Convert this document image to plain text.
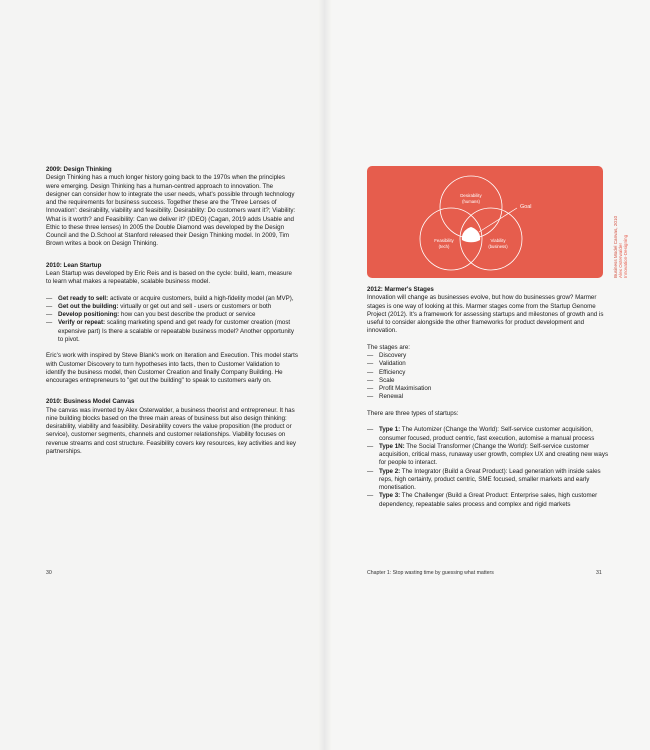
2009: Design Thinking
Design Thinking has a much longer history going back to the 1970s when the principles were emerging. Design Thinking has a human-centred approach to innovation. The designer can consider how to integrate the user needs, what's possible through technology and the requirements for business success. Together these are the 'Three Lenses of Innovation': desirability, viability and feasibility. Desirability: Do customers want it?; Viability: What is it worth? and Feasibility: Can we deliver it? (IDEO) (Cagan, 2019 adds Usable and Ethic to these three lenses) In 2005 the Double Diamond was developed by the Design Council and the D.School at Stanford released their Design Thinking model. In 2009, Tim Brown writes a book on Design Thinking.
2010: Lean Startup
Lean Startup was developed by Eric Reis and is based on the cycle: build, learn, measure to learn what makes a repeatable, scalable business model.
— Get ready to sell: activate or acquire customers, build a high-fidelity model (an MVP),
— Get out the building: virtually or get out and sell - users or customers or both
— Develop positioning: how can you best describe the product or service
— Verify or repeat: scaling marketing spend and get ready for customer creation (most expensive part) Is there a scalable or repeatable business model? Another opportunity to pivot.
Eric's work with inspired by Steve Blank's work on Iteration and Execution. This model starts with Customer Discovery to turn hypotheses into facts, then to Customer Validation to identify the business model, then Customer Creation and finally Company Building. He encourages entrepreneurs to "get out the building" to speak to customers early on.
2010: Business Model Canvas
The canvas was invented by Alex Osterwalder, a business theorist and entrepreneur. It has nine building blocks based on the three main areas of business but also design thinking: desirability, viability and feasibility. Desirability covers the value proposition (the product or service), customer segments, channels and customer relationships. Viability focuses on revenue streams and cost structure. Feasibility covers key resources, key activities and key partnerships.
Desirability
(humans)
Feasibility
(tech)
Viability
(business)
Goal
Business Model Canvas, 2010 Alex Osterwalder Innovation-Designing
2012: Marmer's Stages
Innovation will change as businesses evolve, but how do businesses grow? Marmer stages is one way of looking at this. Marmer stages come from the Startup Genome Project (2012). It's a framework for assessing startups and milestones of growth and is useful to consider alongside the other frameworks for product development and innovation.
The stages are:
— Discovery
— Validation
— Efficiency
— Scale
— Profit Maximisation
— Renewal
There are three types of startups:
— Type 1: The Automizer (Change the World): Self-service customer acquisition, consumer focused, product centric, fast execution, automise a manual process
— Type 1N: The Social Transformer (Change the World): Self-service customer acquisition, critical mass, runaway user growth, complex UX and creating new ways for people to interact.
— Type 2: The Integrator (Build a Great Product): Lead generation with inside sales reps, high certainty, product centric, SME focused, smaller markets and early monetisation.
— Type 3: The Challenger (Build a Great Product: Enterprise sales, high customer dependency, repeatable sales process and complex and rigid markets
30	Chapter 1: Stop wasting time by guessing what matters	31
